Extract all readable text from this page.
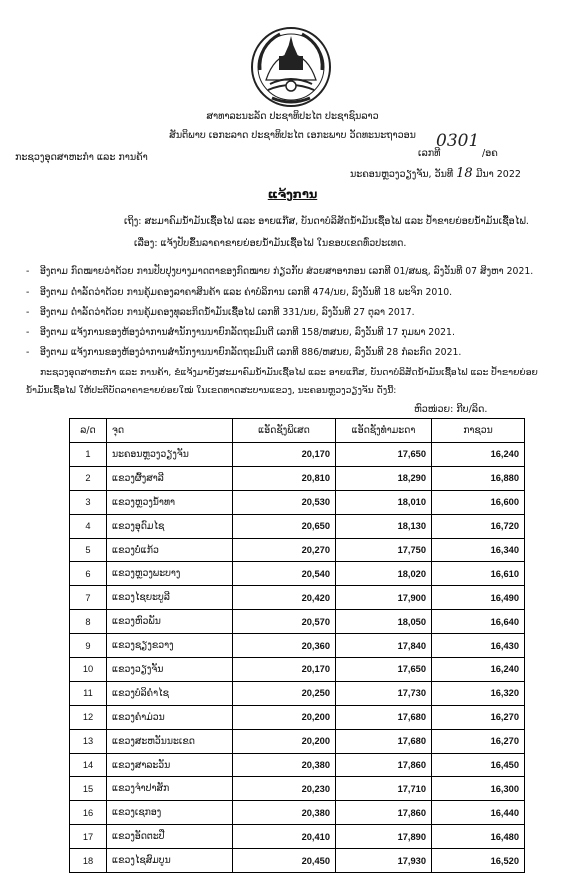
ສາທາລະນະລັດ ປະຊາທິປະໄຕ ປະຊາຊົນລາວ
ສັນຕິພາບ ເອກະລາດ ປະຊາທິປະໄຕ ເອກະພາບ ວັດທະນະຖາວອນ
ກະຊວງອຸດສາຫະກຳ ແລະ ການຄ້າ
0301
ເລກທີ	/ອຄ
ນະຄອນຫຼວງວຽງຈັນ, ວັນທີ 18 ມີນາ 2022
ແຈ້ງການ
ເຖິງ: ສະມາຄົມນໍ້າມັນເຊື້ອໄຟ ແລະ ອາຍແກ໊ສ, ບັນດາບໍລິສັດນໍ້າມັນເຊື້ອໄຟ ແລະ ປໍ້າຂາຍຍ່ອຍນໍ້າມັນເຊື້ອໄຟ.
ເລື່ອງ: ແຈ້ງປັບຂຶ້ນລາຄາຂາຍຍ່ອຍນໍ້າມັນເຊື້ອໄຟ ໃນຂອບເຂດທົ່ວປະເທດ.
- ອີງຕາມ ກົດໝາຍວ່າດ້ວຍ ການປັບປຸງບາງມາດຕາຂອງກົດໝາຍ ກ່ຽວກັບ ສ່ວຍສາອາກອນ ເລກທີ 01/ສພຊ, ລົງວັນທີ 07 ສິງຫາ 2021.
- ອີງຕາມ ດຳລັດວ່າດ້ວຍ ການຄຸ້ມຄອງລາຄາສິນຄ້າ ແລະ ຄ່າບໍລິການ ເລກທີ 474/ນຍ, ລົງວັນທີ 18 ພະຈິກ 2010.
- ອີງຕາມ ດຳລັດວ່າດ້ວຍ ການຄຸ້ມຄອງທຸລະກິດນໍ້າມັນເຊື້ອໄຟ ເລກທີ 331/ນຍ, ລົງວັນທີ 27 ຕຸລາ 2017.
- ອີງຕາມ ແຈ້ງການຂອງຫ້ອງວ່າການສຳນັກງານນາຍົກລັດຖະມົນຕີ ເລກທີ 158/ຫສນຍ, ລົງວັນທີ 17 ກຸມພາ 2021.
- ອີງຕາມ ແຈ້ງການຂອງຫ້ອງວ່າການສຳນັກງານນາຍົກລັດຖະມົນຕີ ເລກທີ 886/ຫສນຍ, ລົງວັນທີ 28 ກໍລະກົດ 2021.
ກະຊວງອຸດສາຫະກຳ ແລະ ການຄ້າ, ຂໍແຈ້ງມາຍັງສະມາຄົມນໍ້າມັນເຊື້ອໄຟ ແລະ ອາຍແກ໊ສ, ບັນດາບໍລິສັດນໍ້າມັນເຊື້ອໄຟ ແລະ ປໍ້າຂາຍຍ່ອຍ
ນໍ້າມັນເຊື້ອໄຟ ໃຫ້ປະຕິບັດລາຄາຂາຍຍ່ອຍໃໝ່ ໃນເຂດທາດສະບານແຂວງ, ນະຄອນຫຼວງວຽງຈັນ ດັ່ງນີ້:
ຫົວໜ່ວຍ: ກີບ/ລິດ.
ລ/ດ	ຈຸດ	ແອັດຊັງພິເສດ	ແອັດຊັງທຳມະດາ	ກາຊວນ
1	ນະຄອນຫຼວງວຽງຈັນ	20,170	17,650	16,240
2	ແຂວງຜົ້ງສາລີ	20,810	18,290	16,880
3	ແຂວງຫຼວງນໍ້າທາ	20,530	18,010	16,600
4	ແຂວງອຸດົມໄຊ	20,650	18,130	16,720
5	ແຂວງບໍ່ແກ້ວ	20,270	17,750	16,340
6	ແຂວງຫຼວງພະບາງ	20,540	18,020	16,610
7	ແຂວງໄຊຍະບູລີ	20,420	17,900	16,490
8	ແຂວງຫົວພັນ	20,570	18,050	16,640
9	ແຂວງຊຽງຂວາງ	20,360	17,840	16,430
10	ແຂວງວຽງຈັນ	20,170	17,650	16,240
11	ແຂວງບໍລິຄຳໄຊ	20,250	17,730	16,320
12	ແຂວງຄຳມ່ວນ	20,200	17,680	16,270
13	ແຂວງສະຫວັນນະເຂດ	20,200	17,680	16,270
14	ແຂວງສາລະວັນ	20,380	17,860	16,450
15	ແຂວງຈຳປາສັກ	20,230	17,710	16,300
16	ແຂວງເຊກອງ	20,380	17,860	16,440
17	ແຂວງອັດຕະປື	20,410	17,890	16,480
18	ແຂວງໄຊສົມບູນ	20,450	17,930	16,520
